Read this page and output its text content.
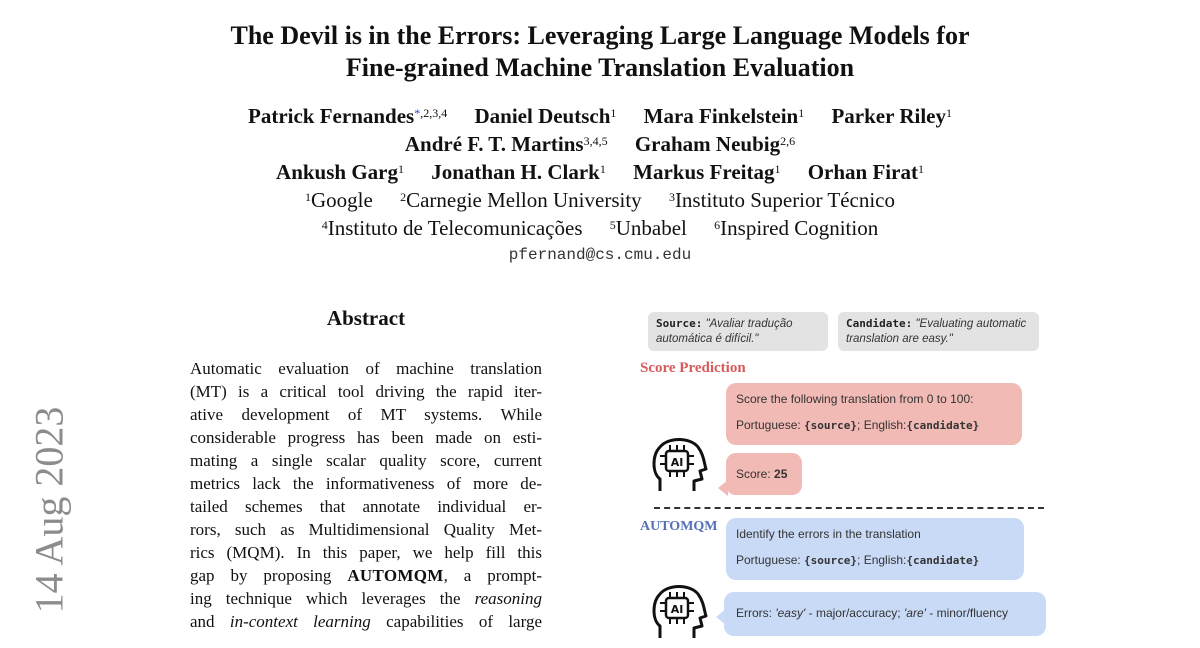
14 Aug 2023
The Devil is in the Errors: Leveraging Large Language Models for
Fine-grained Machine Translation Evaluation
Patrick Fernandes$^{*,2,3,4}$ Daniel Deutsch$^1$ Mara Finkelstein$^1$ Parker Riley$^1$
André F. T. Martins$^{3,4,5}$ Graham Neubig$^{2,6}$
Ankush Garg$^1$ Jonathan H. Clark$^1$ Markus Freitag$^1$ Orhan Firat$^1$
$^1$Google $^2$Carnegie Mellon University $^3$Instituto Superior Técnico
$^4$Instituto de Telecomunicações $^5$Unbabel $^6$Inspired Cognition
pfernand@cs.cmu.edu
Abstract
Automatic evaluation of machine translation
(MT) is a critical tool driving the rapid iter-
ative development of MT systems. While
considerable progress has been made on esti-
mating a single scalar quality score, current
metrics lack the informativeness of more de-
tailed schemes that annotate individual er-
rors, such as Multidimensional Quality Met-
rics (MQM). In this paper, we help fill this
gap by proposing AUTOMQM, a prompt-
ing technique which leverages the reasoning
and in-context learning capabilities of large
Source: "Avaliar tradução automática é difícil."
Candidate: "Evaluating automatic translation are easy."
Score Prediction
Score the following translation from 0 to 100:
Portuguese: {source}; English:{candidate}
Score: 25
AI
AUTOMQM Identify the errors in the translation
Portuguese: {source}; English:{candidate}
Errors: 'easy' - major/accuracy; 'are' - minor/fluency
AI
